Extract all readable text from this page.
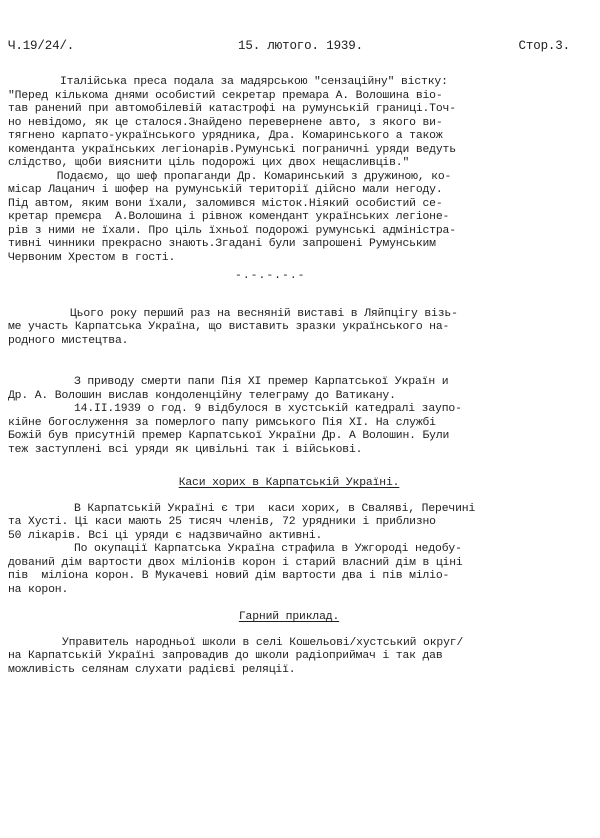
Ч.19/24/.	15. лютого. 1939.	Стор.3.
Італійська преса подала за мадярською "сензаційну" вістку:
"Перед кількома днями особистий секретар премара А. Волошина віо-
тав ранений при автомобілевій катастрофі на румунській границі.Точ-
но невідомо, як це сталося.Знайдено перевернене авто, з якого ви-
тягнено карпато-українського урядника, Дра. Комаринського а також
коменданта українських легіонарів.Румунські пограничні уряди ведуть
слідство, щоби вияснити ціль подорожі цих двох нещасливців."
Подаємо, що шеф пропаганди Др. Комаринський з дружиною, ко-
місар Лацанич і шофер на румунській території дійсно мали негоду.
Під автом, яким вони їхали, заломився місток.Ніякий особистий се-
кретар премєра  А.Волошина і рівнож комендант українських легіоне-
рів з ними не їхали. Про ціль їхньої подорожі румунські адміністра-
тивні чинники прекрасно знають.Згадані були запрошені Румунським
Червоним Хрестом в гості.
-.-.-.-.-
Цього року перший раз на весняній виставі в Ляйпцігу візь-
ме участь Карпатська Україна, що виставить зразки українського на-
родного мистецтва.
З приводу смерти папи Пія ХІ премер Карпатської Україн и
Др. А. Волошин вислав кондоленційну телеграму до Ватикану.
14.ІІ.1939 о год. 9 відбулося в хустській катедралі заупо-
кійне богослуження за померлого папу римського Пія ХІ. На службі
Божій був присутній премер Карпатської України Др. А Волошин. Були
теж заступлені всі уряди як цивільні так і військові.
Каси хорих в Карпатській Україні.
В Карпатській Україні є три  каси хорих, в Сваляві, Перечині
та Хусті. Ці каси мають 25 тисяч членів, 72 урядники і приблизно
50 лікарів. Всі ці уряди є надзвичайно активні.
По окупації Карпатська Україна страфила в Ужгороді недобу-
дований дім вартости двох міліонів корон і старий власний дім в ціні
пів  міліона корон. В Мукачеві новий дім вартости два і пів міліо-
на корон.
Гарний приклад.
Управитель народньої школи в селі Кошельові/хустський округ/
на Карпатській Україні запровадив до школи радіоприймач і так дав
можливість селянам слухати радієві реляції.
